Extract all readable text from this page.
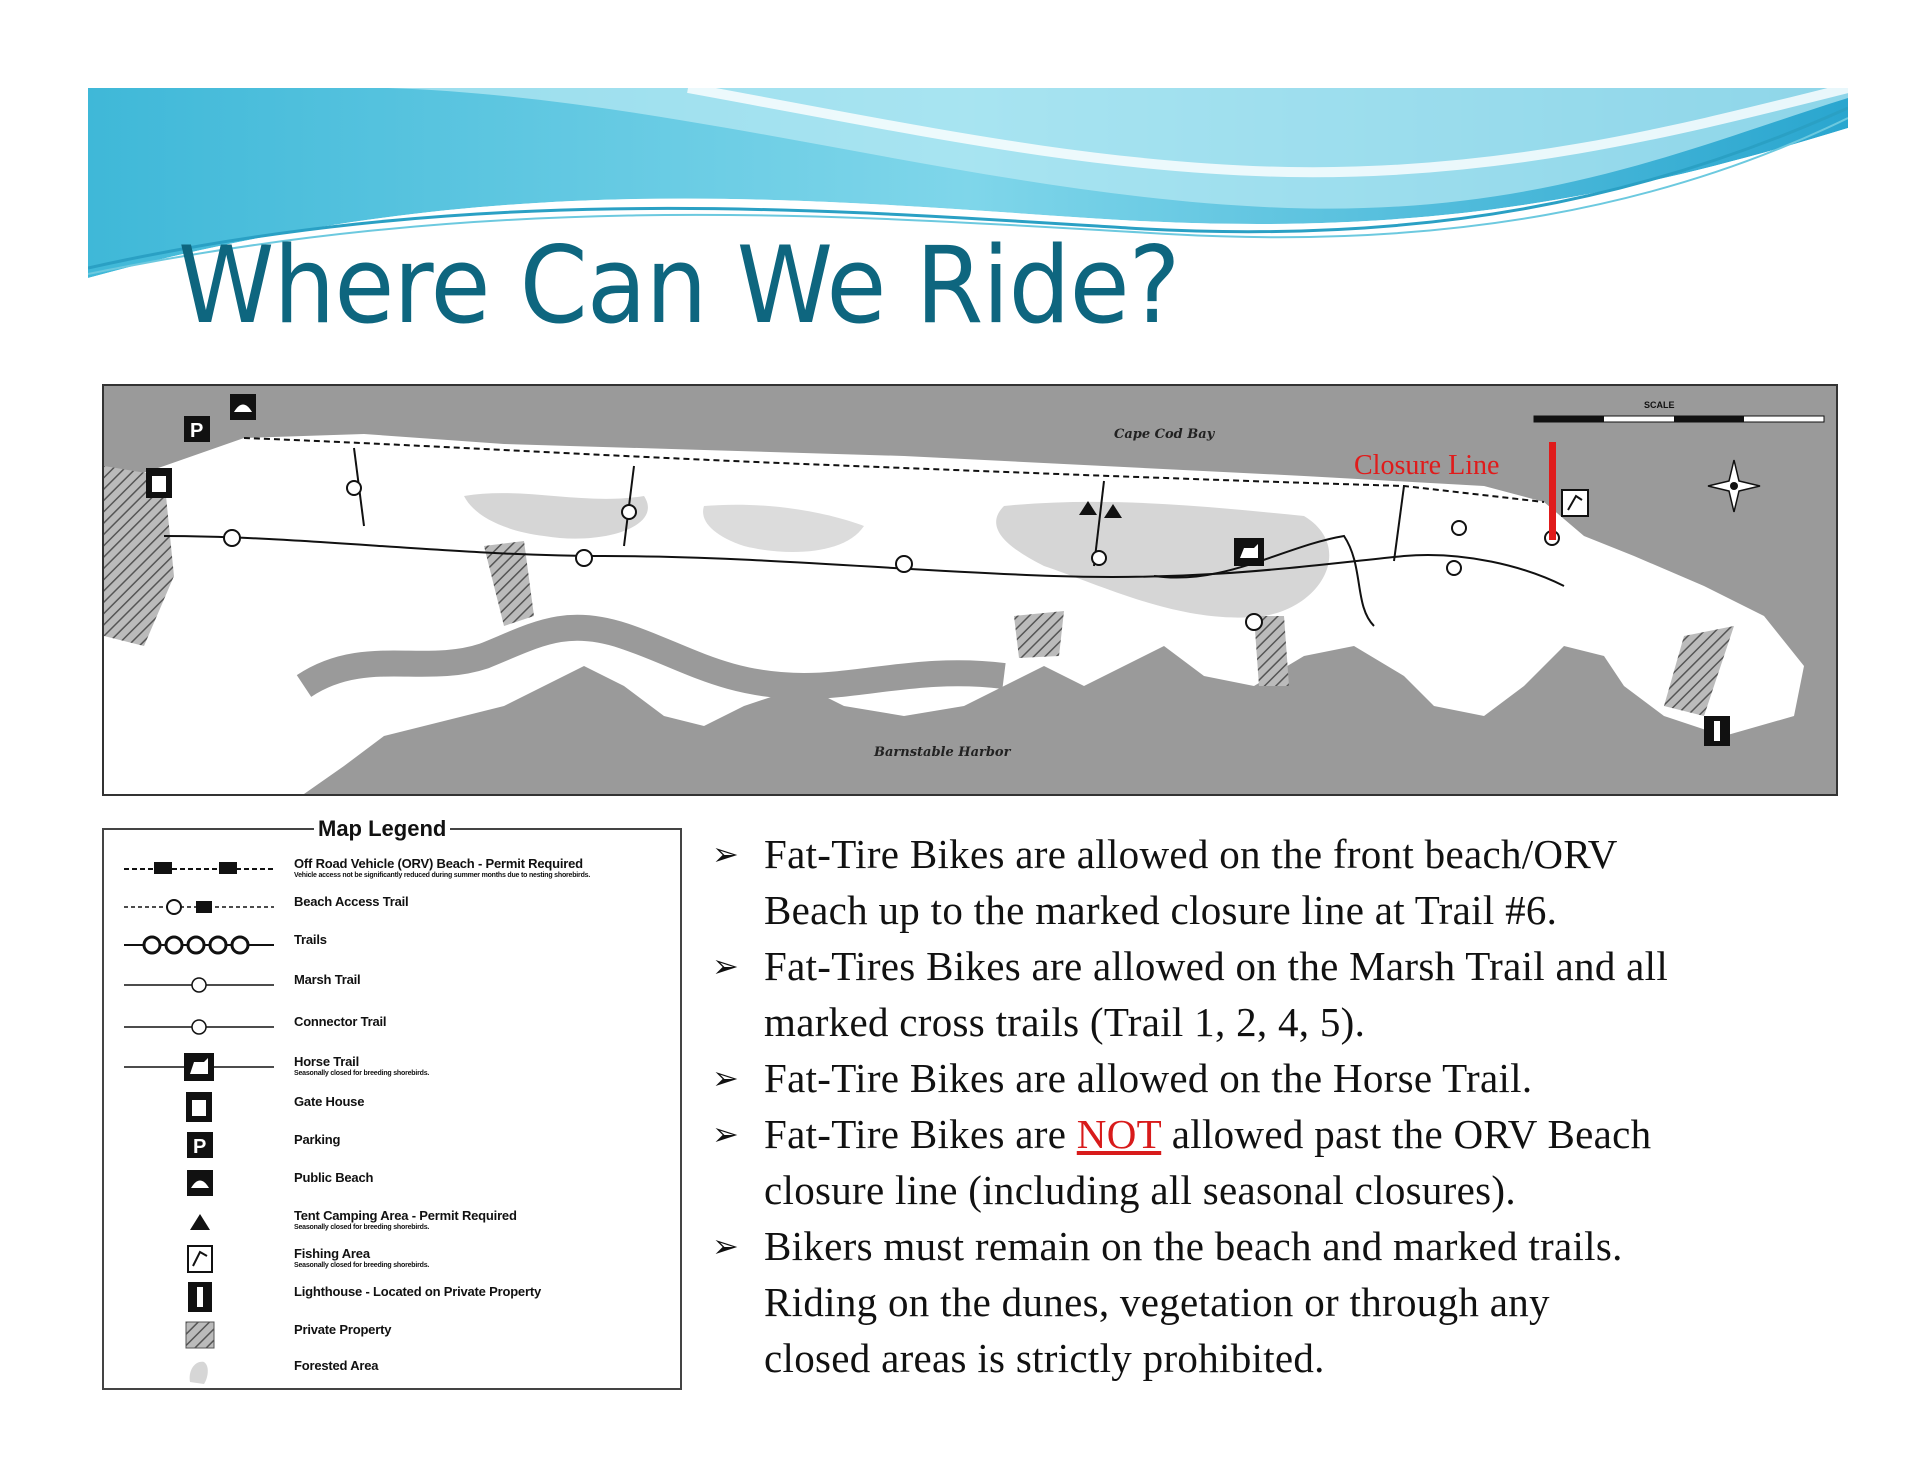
Where Can We Ride?
Cape Cod Bay
Barnstable Harbor
SCALE
P
Closure Line
Map Legend
Off Road Vehicle (ORV) Beach - Permit Required
Vehicle access not be significantly reduced during summer months due to nesting shorebirds.
Beach Access Trail
Trails
Marsh Trail
Connector Trail
Horse Trail
Seasonally closed for breeding shorebirds.
Gate House
P	Parking
Public Beach
Tent Camping Area - Permit Required
Seasonally closed for breeding shorebirds.
Fishing Area
Seasonally closed for breeding shorebirds.
Lighthouse - Located on Private Property
Private Property
Forested Area
➢ Fat-Tire Bikes are allowed on the front beach/ORV
Beach up to the marked closure line at Trail #6.
➢ Fat-Tires Bikes are allowed on the Marsh Trail and all
marked cross trails (Trail 1, 2, 4, 5).
➢ Fat-Tire Bikes are allowed on the Horse Trail.
➢ Fat-Tire Bikes are NOT allowed past the ORV Beach
closure line (including all seasonal closures).
➢ Bikers must remain on the beach and marked trails.
Riding on the dunes, vegetation or through any
closed areas is strictly prohibited.
